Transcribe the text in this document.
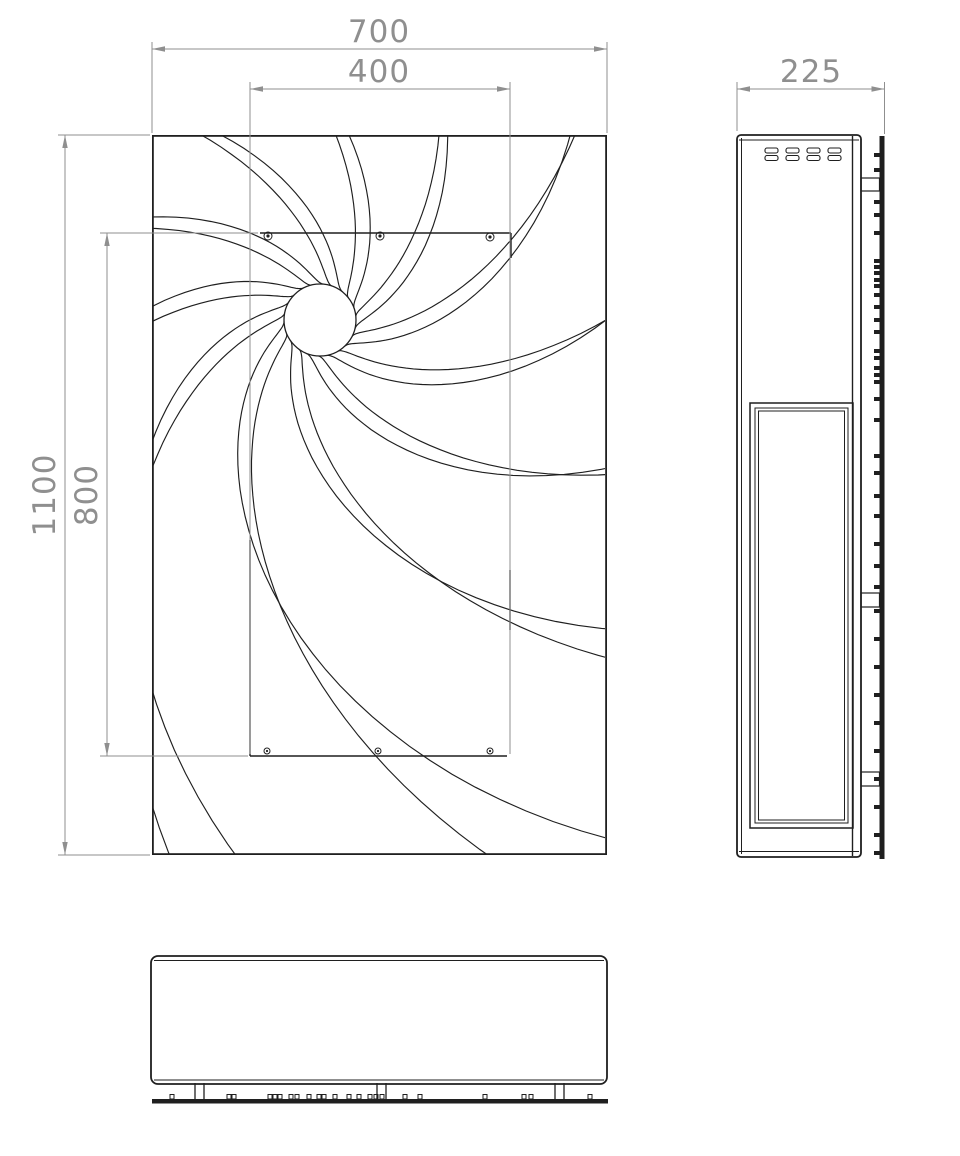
700
400
1100 800
225
